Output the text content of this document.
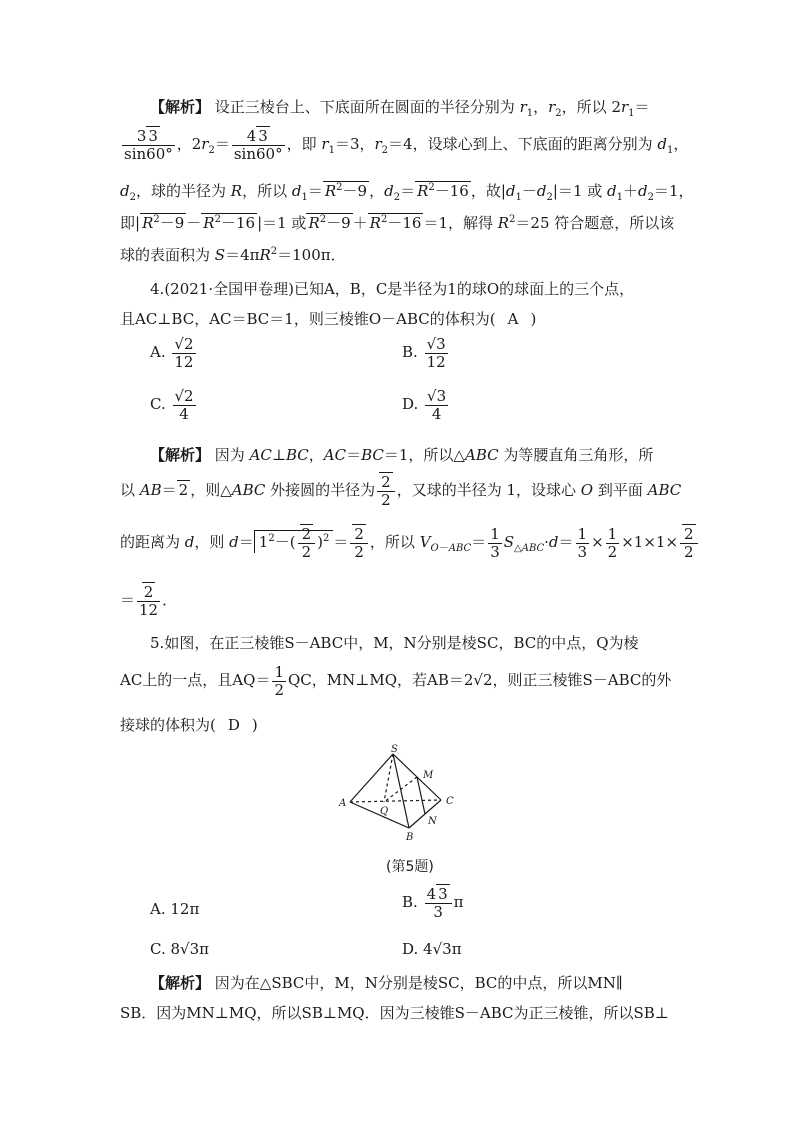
【解析】 设正三棱台上、下底面所在圆面的半径分别为 $r_1$，$r_2$，所以 $2r_1=$
$\frac{3 3}{\sin 60^\circ}$ ，$2r_2= \frac{4 3}{\sin 60^\circ}$ ，即 $r_1=3$，$r_2=4$，设球心到上、下底面的距离分别为 $d_1$，
$d_2$，球的半径为 R，所以 $d_1= R^2-9$ ，$d_2= R^2-16$ ，故$|d_1-d_2|=1$ 或 $d_1+d_2=1$，
即| $R^2-9 - R^2-16$ |＝1 或 $R^2-9 + R^2-16 =1$，解得 $R^2=25$ 符合题意，所以该
球的表面积为 $S=4\pi R^2=100\pi$．
4.(2021·全国甲卷理)已知A，B，C是半径为1的球O的球面上的三个点，
且AC⊥BC，AC＝BC＝1，则三棱锥O－ABC的体积为( A )
A. $\frac{√2}{12}$	B. $\frac{√3}{12}$
C. $\frac{√2}{4}$	D. $\frac{√3}{4}$
【解析】 因为 AC⊥BC，AC＝BC＝1，所以△ABC 为等腰直角三角形，所
以 AB＝ 2 ，则△ABC 外接圆的半径为 $\frac{2}{2}$ ，又球的半径为 1，设球心 O 到平面 ABC
的距离为 d，则 $d= 1^2-( \frac{2}{2} )^2 = \frac{2}{2}$ ，所以 $V_{O-ABC}= \frac{1}{3} S_{\triangle ABC}\cdot d= \frac{1}{3} \times \frac{1}{2} \times 1\times 1\times \frac{2}{2}$
＝ $\frac{2}{12}$ ．
5.如图，在正三棱锥S－ABC中，M，N分别是棱SC，BC的中点，Q为棱
AC上的一点，且$AQ= \frac{1}{2}$ QC，MN⊥MQ，若AB＝2√2，则正三棱锥S－ABC的外
接球的体积为( D )
S
M
A
Q
C
N
B
(第5题)
A. 12π	B. $\frac{4 3}{3}$ π
C. 8√3π	D. 4√3π
【解析】 因为在△SBC中，M，N分别是棱SC，BC的中点，所以MN∥
SB．因为MN⊥MQ，所以SB⊥MQ．因为三棱锥S－ABC为正三棱锥，所以SB⊥
